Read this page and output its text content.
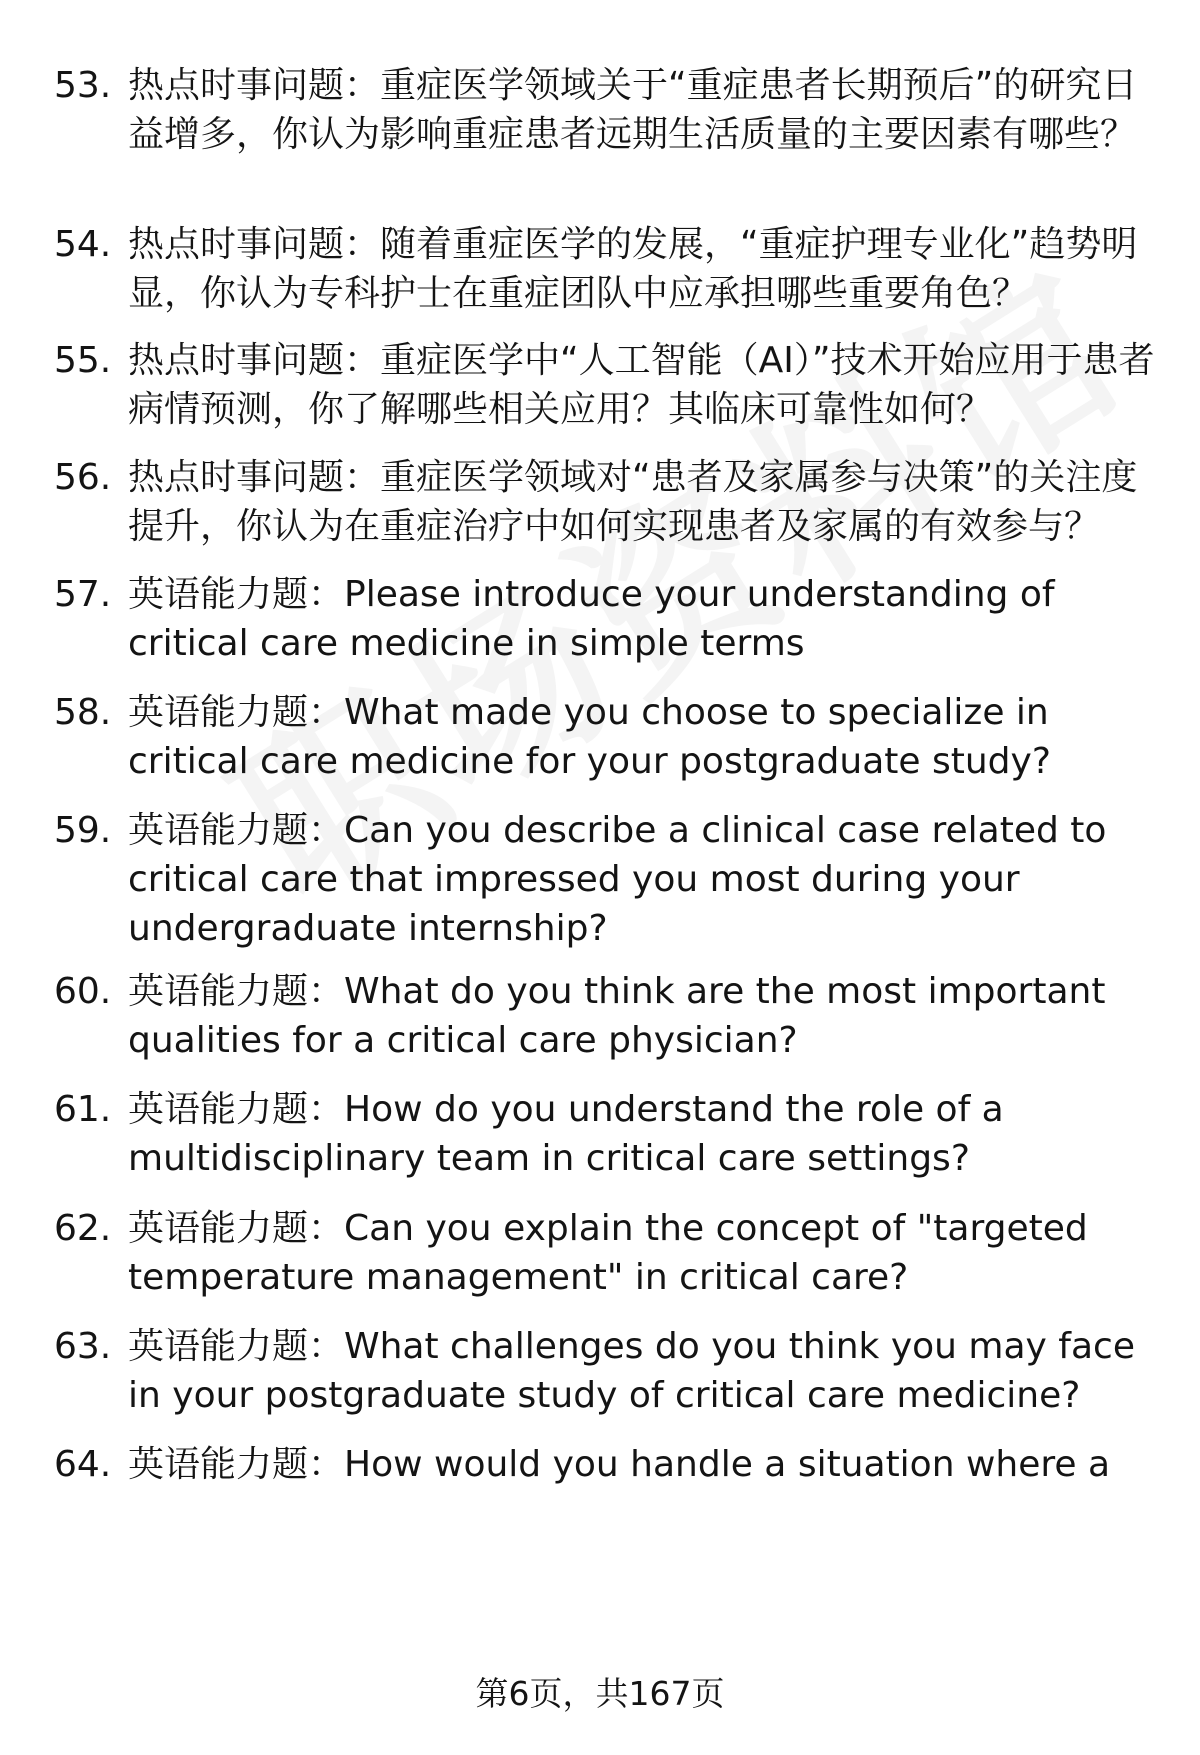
53. 热点时事问题：重症医学领域关于“重症患者长期预后”的研究日益增多，你认为影响重症患者远期生活质量的主要因素有哪些？
54. 热点时事问题：随着重症医学的发展，“重症护理专业化”趋势明显，你认为专科护士在重症团队中应承担哪些重要角色？
55. 热点时事问题：重症医学中“人工智能（AI）”技术开始应用于患者病情预测，你了解哪些相关应用？其临床可靠性如何？
56. 热点时事问题：重症医学领域对“患者及家属参与决策”的关注度提升，你认为在重症治疗中如何实现患者及家属的有效参与？
57. 英语能力题：Please introduce your understanding of critical care medicine in simple terms
58. 英语能力题：What made you choose to specialize in critical care medicine for your postgraduate study?
59. 英语能力题：Can you describe a clinical case related to critical care that impressed you most during your undergraduate internship?
60. 英语能力题：What do you think are the most important qualities for a critical care physician?
61. 英语能力题：How do you understand the role of a multidisciplinary team in critical care settings?
62. 英语能力题：Can you explain the concept of "targeted temperature management" in critical care?
63. 英语能力题：What challenges do you think you may face in your postgraduate study of critical care medicine?
64. 英语能力题：How would you handle a situation where a
第6页，共167页
